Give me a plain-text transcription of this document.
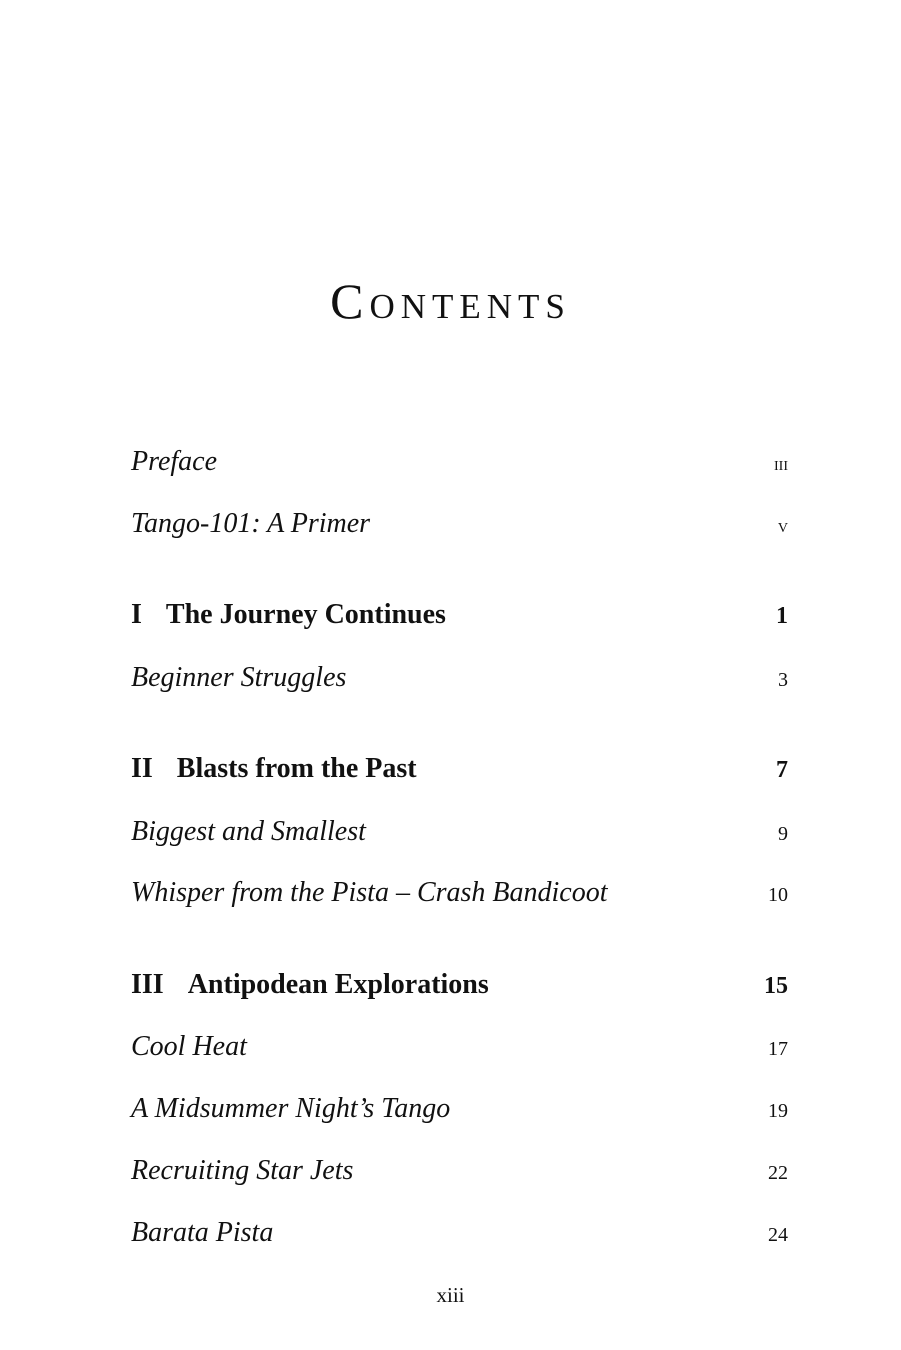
Contents
Preface	iii
Tango-101: A Primer	v
I The Journey Continues	1
Beginner Struggles	3
II Blasts from the Past	7
Biggest and Smallest	9
Whisper from the Pista – Crash Bandicoot	10
III Antipodean Explorations	15
Cool Heat	17
A Midsummer Night’s Tango	19
Recruiting Star Jets	22
Barata Pista	24
xiii
